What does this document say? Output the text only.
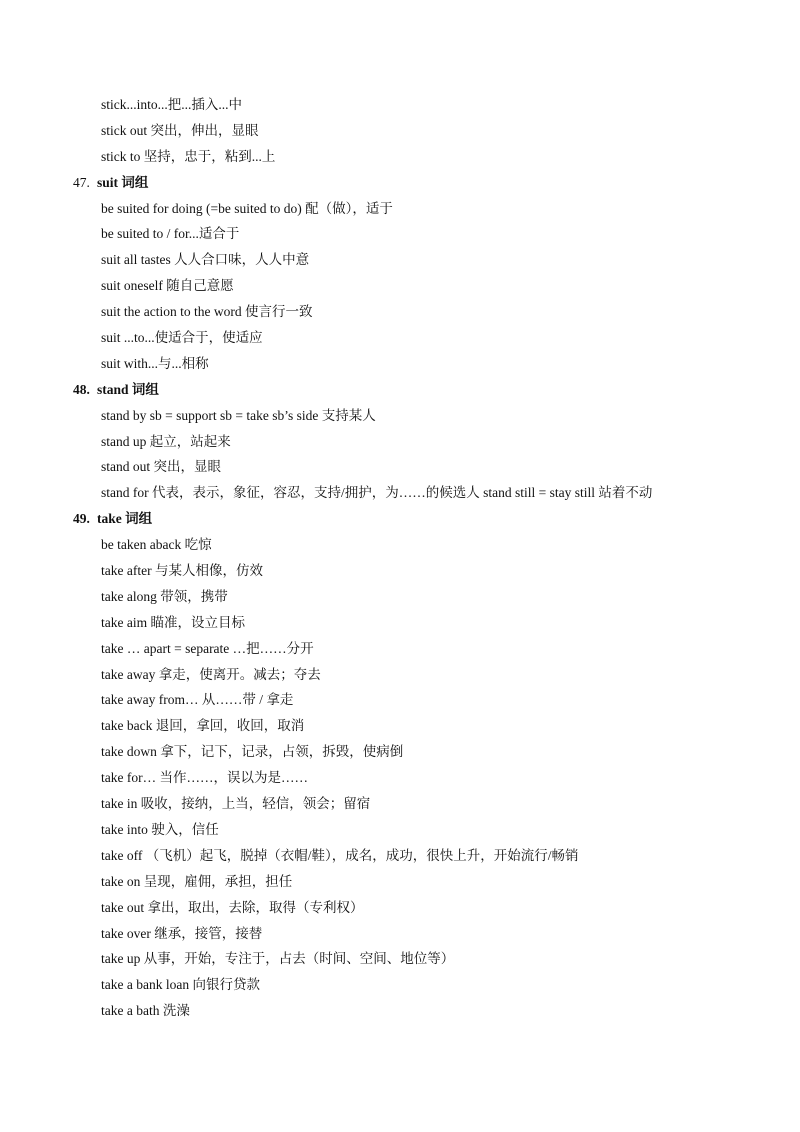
stick...into...把...插入...中
stick out 突出，伸出，显眼
stick to 坚持，忠于，粘到...上
47. suit 词组
be suited for doing (=be suited to do) 配（做），适于
be suited to / for...适合于
suit all tastes 人人合口味，人人中意
suit oneself 随自己意愿
suit the action to the word 使言行一致
suit ...to...使适合于，使适应
suit with...与...相称
48. stand 词组
stand by sb = support sb = take sb’s side 支持某人
stand up 起立，站起来
stand out 突出，显眼
stand for 代表，表示，象征，容忍，支持/拥护，为……的候选人 stand still = stay still 站着不动
49. take 词组
be taken aback 吃惊
take after 与某人相像，仿效
take along 带领，携带
take aim 瞄准，设立目标
take … apart = separate …把……分开
take away 拿走，使离开。减去；夺去
take away from… 从……带 / 拿走
take back 退回，拿回，收回，取消
take down 拿下，记下，记录，占领，拆毁，使病倒
take for… 当作……，误以为是……
take in 吸收，接纳，上当，轻信，领会；留宿
take into 驶入，信任
take off （飞机）起飞，脱掉（衣帽/鞋），成名，成功，很快上升，开始流行/畅销
take on 呈现，雇佣，承担，担任
take out 拿出，取出，去除，取得（专利权）
take over 继承，接管，接替
take up 从事，开始，专注于，占去（时间、空间、地位等）
take a bank loan 向银行贷款
take a bath 洗澡
